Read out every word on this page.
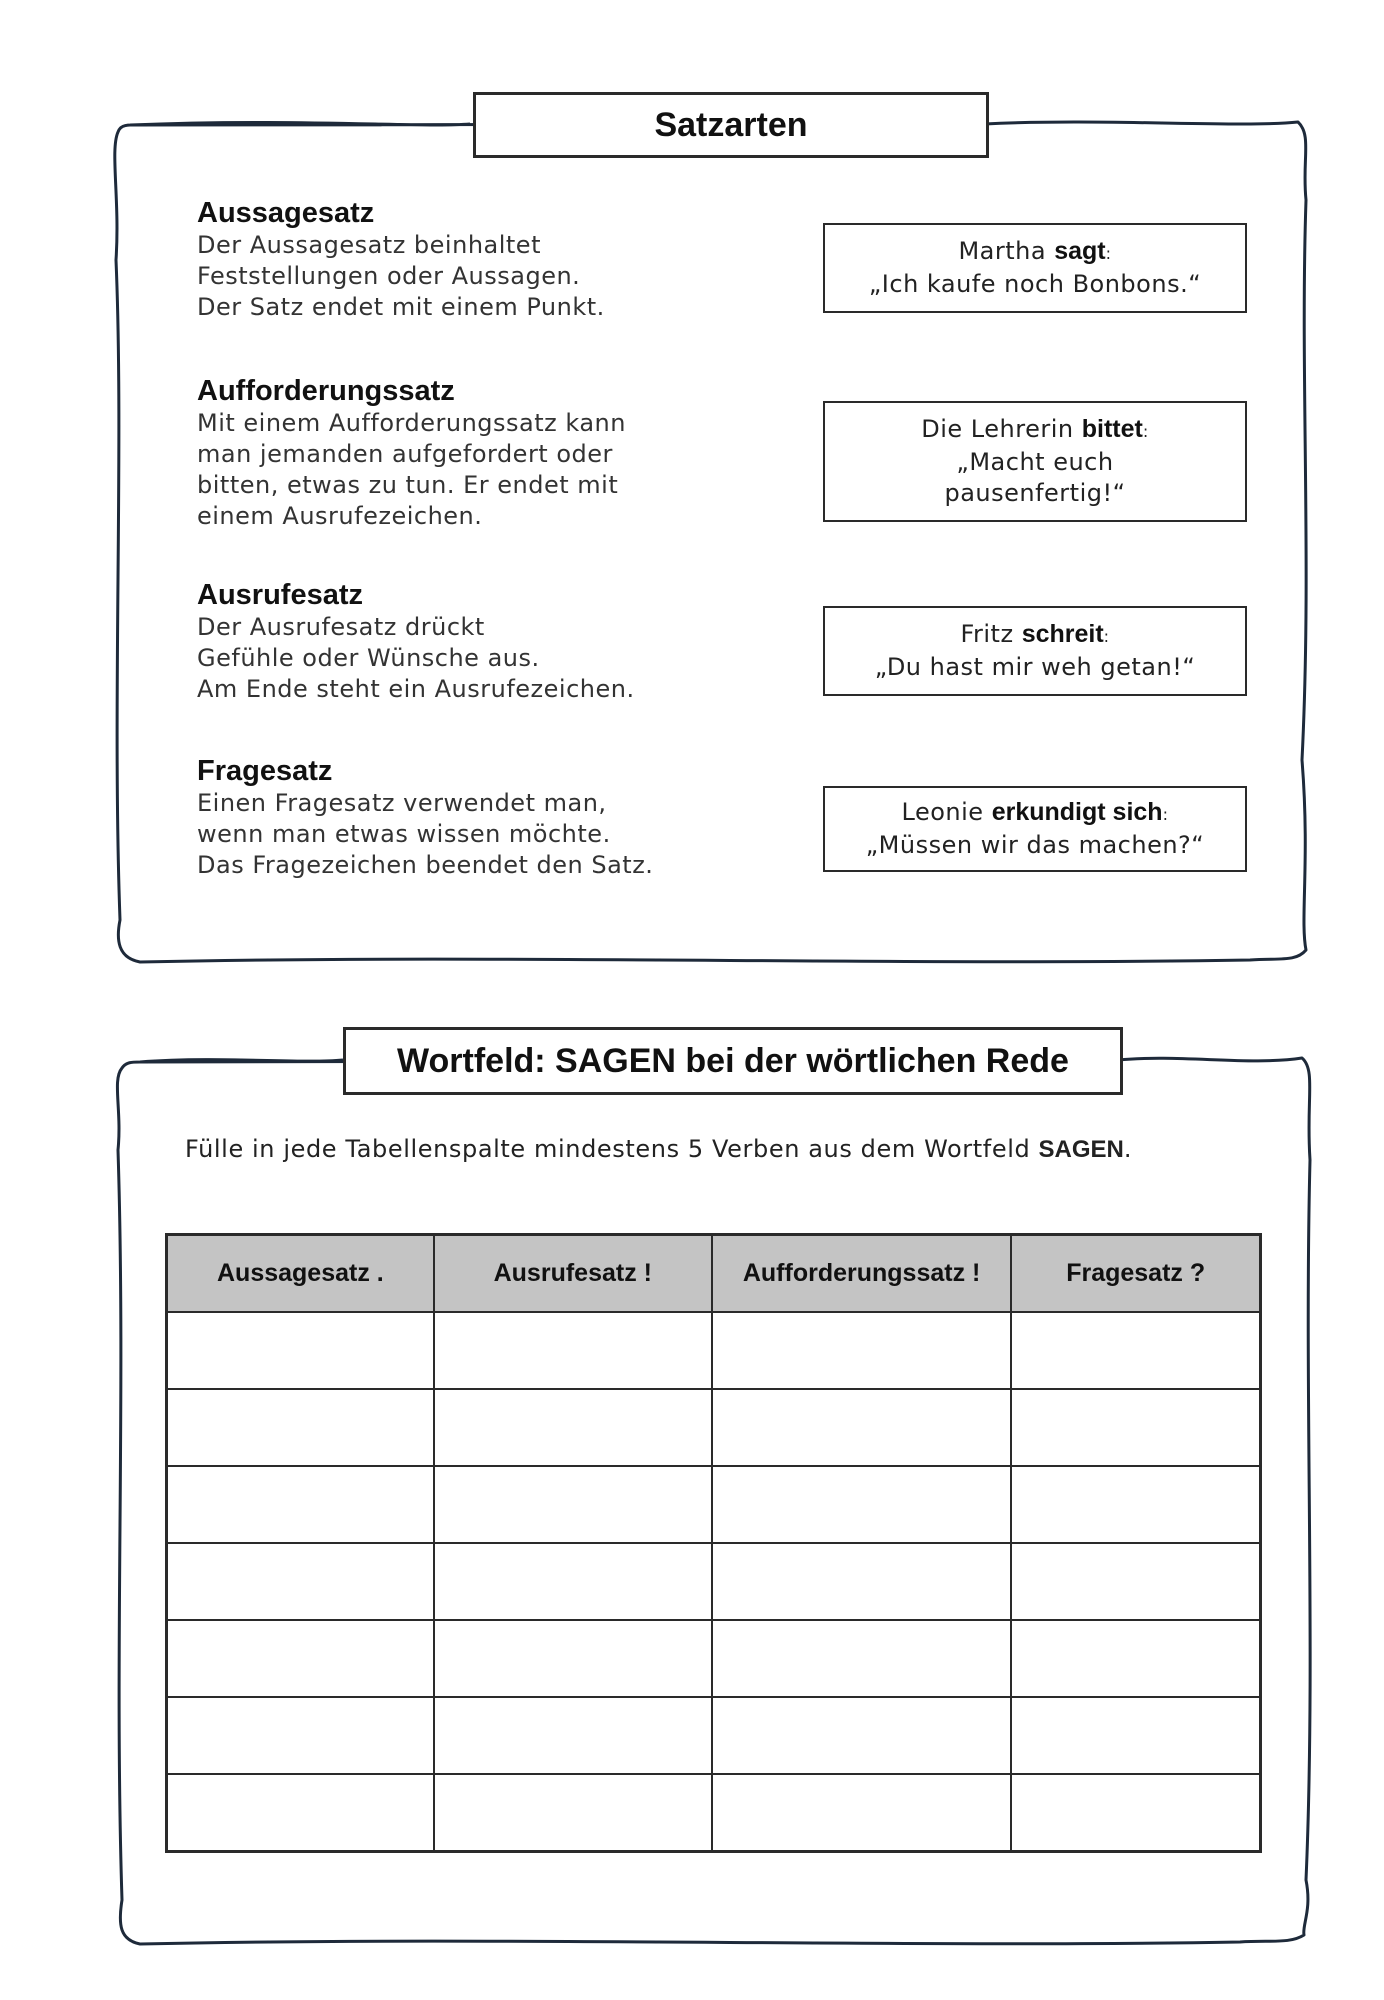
Satzarten
Aussagesatz
Der Aussagesatz beinhaltet
Feststellungen oder Aussagen.
Der Satz endet mit einem Punkt.
Martha sagt:
„Ich kaufe noch Bonbons.“
Aufforderungssatz
Mit einem Aufforderungssatz kann
man jemanden aufgefordert oder
bitten, etwas zu tun. Er endet mit
einem Ausrufezeichen.
Die Lehrerin bittet:
„Macht euch
pausenfertig!“
Ausrufesatz
Der Ausrufesatz drückt
Gefühle oder Wünsche aus.
Am Ende steht ein Ausrufezeichen.
Fritz schreit:
„Du hast mir weh getan!“
Fragesatz
Einen Fragesatz verwendet man,
wenn man etwas wissen möchte.
Das Fragezeichen beendet den Satz.
Leonie erkundigt sich:
„Müssen wir das machen?“
Wortfeld: SAGEN bei der wörtlichen Rede
Fülle in jede Tabellenspalte mindestens 5 Verben aus dem Wortfeld SAGEN.
Aussagesatz .	Ausrufesatz !	Aufforderungssatz !	Fragesatz ?
